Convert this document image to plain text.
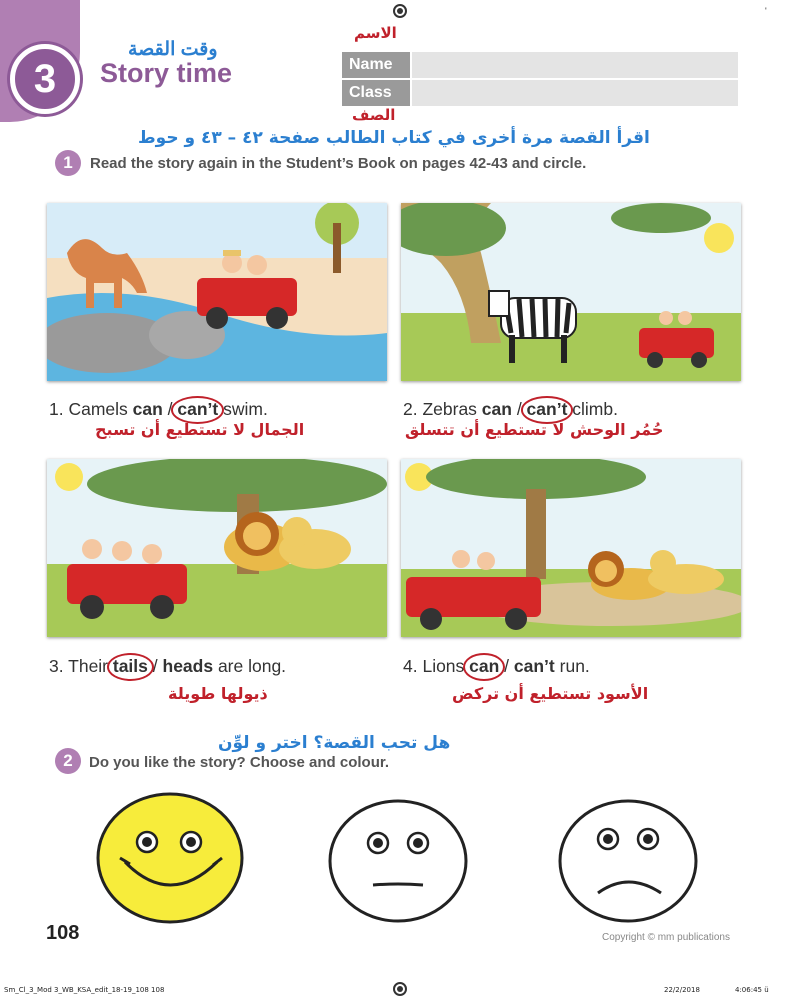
3
وقت القصة
Story time
'
الاسم
Name
Class
الصف
اقرأ القصة مرة أخرى في كتاب الطالب صفحة ٤٢ – ٤٣ و حوط
1	Read the story again in the Student’s Book on pages 42-43 and circle.
1. Camels can / can’t swim.
الجمال لا تستطيع أن تسبح
2. Zebras can / can’t climb.
حُمُر الوحش لا تستطيع أن تتسلق
3. Their tails / heads are long.
ذيولها طويلة
4. Lions can / can’t run.
الأسود تستطيع أن تركض
هل تحب القصة؟ اختر و لوِّن
2	Do you like the story? Choose and colour.
108	Copyright © mm publications
Sm_Cl_3_Mod 3_WB_KSA_edit_18-19_108 108	22/2/2018	4:06:45 ü
